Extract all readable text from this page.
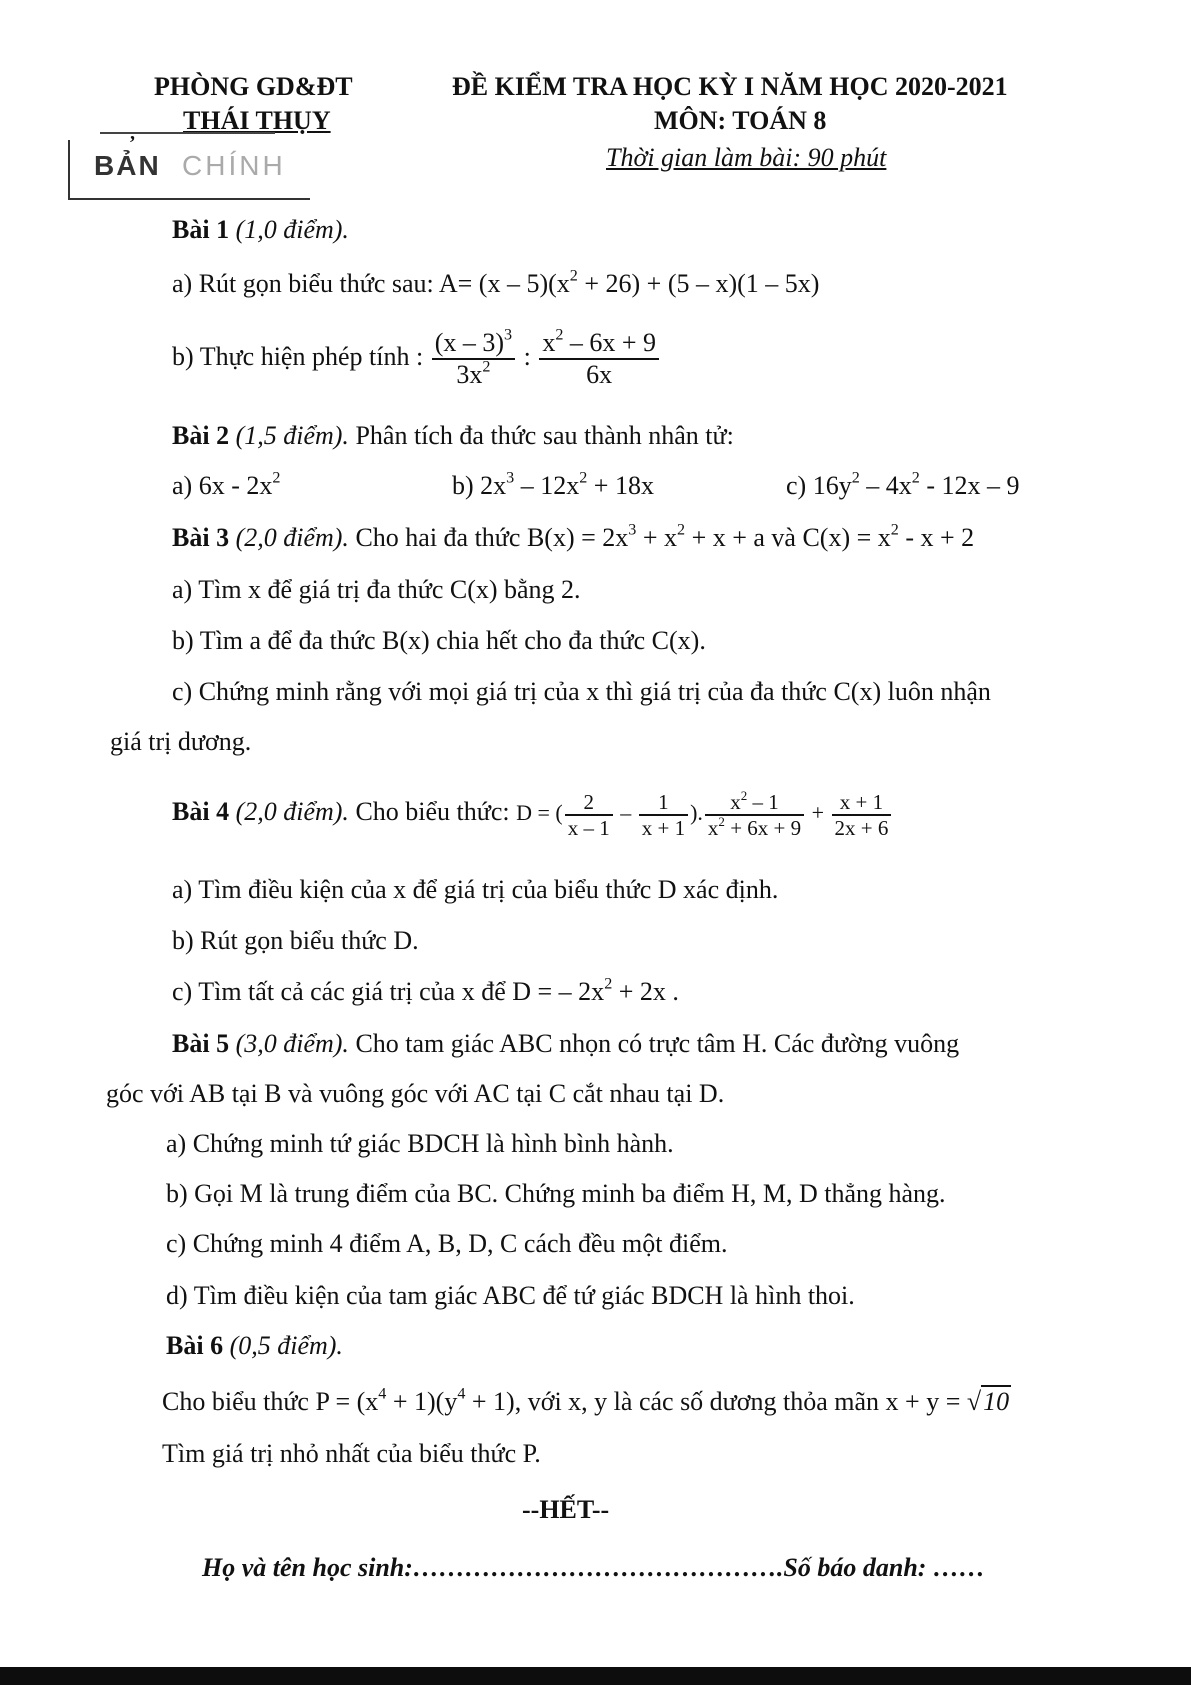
PHÒNG GD&ĐT
THÁI THỤY
,
BẢN CHÍNH
ĐỀ KIỂM TRA HỌC KỲ I NĂM HỌC 2020-2021
MÔN: TOÁN 8
Thời gian làm bài: 90 phút
Bài 1 (1,0 điểm).
a) Rút gọn biểu thức sau: $A= (x - 5)(x^2 + 26) + (5 - x)(1 - 5x)$
b) Thực hiện phép tính : $\frac{(x - 3)^3}{3x^2}$ : $\frac{x^2 - 6x + 9}{6x}$
Bài 2 (1,5 điểm). Phân tích đa thức sau thành nhân tử:
a) $6x - 2x^2$	b) $2x^3 - 12x^2 + 18x$	c) $16y^2 - 4x^2 - 12x - 9$
Bài 3 (2,0 điểm). Cho hai đa thức $B(x) = 2x^3 + x^2 + x + a$ và $C(x) = x^2 - x + 2$
a) Tìm x để giá trị đa thức C(x) bằng 2.
b) Tìm a để đa thức B(x) chia hết cho đa thức C(x).
c) Chứng minh rằng với mọi giá trị của x thì giá trị của đa thức C(x) luôn nhận
giá trị dương.
Bài 4 (2,0 điểm). Cho biểu thức: D = ( $\frac{2}{x - 1} - \frac{1}{x + 1}$ ). $\frac{x^2 - 1}{x^2 + 6x + 9} + \frac{x + 1}{2x + 6}$
a) Tìm điều kiện của x để giá trị của biểu thức D xác định.
b) Rút gọn biểu thức D.
c) Tìm tất cả các giá trị của x để D = – $2x^2 + 2x$ .
Bài 5 (3,0 điểm). Cho tam giác ABC nhọn có trực tâm H. Các đường vuông
góc với AB tại B và vuông góc với AC tại C cắt nhau tại D.
a) Chứng minh tứ giác BDCH là hình bình hành.
b) Gọi M là trung điểm của BC. Chứng minh ba điểm H, M, D thẳng hàng.
c) Chứng minh 4 điểm A, B, D, C cách đều một điểm.
d) Tìm điều kiện của tam giác ABC để tứ giác BDCH là hình thoi.
Bài 6 (0,5 điểm).
Cho biểu thức $P = (x^4 + 1)(y^4 + 1)$, với x, y là các số dương thỏa mãn x + y = √10
Tìm giá trị nhỏ nhất của biểu thức P.
--HẾT--
Họ và tên học sinh:…………………………………….Số báo danh: ……
